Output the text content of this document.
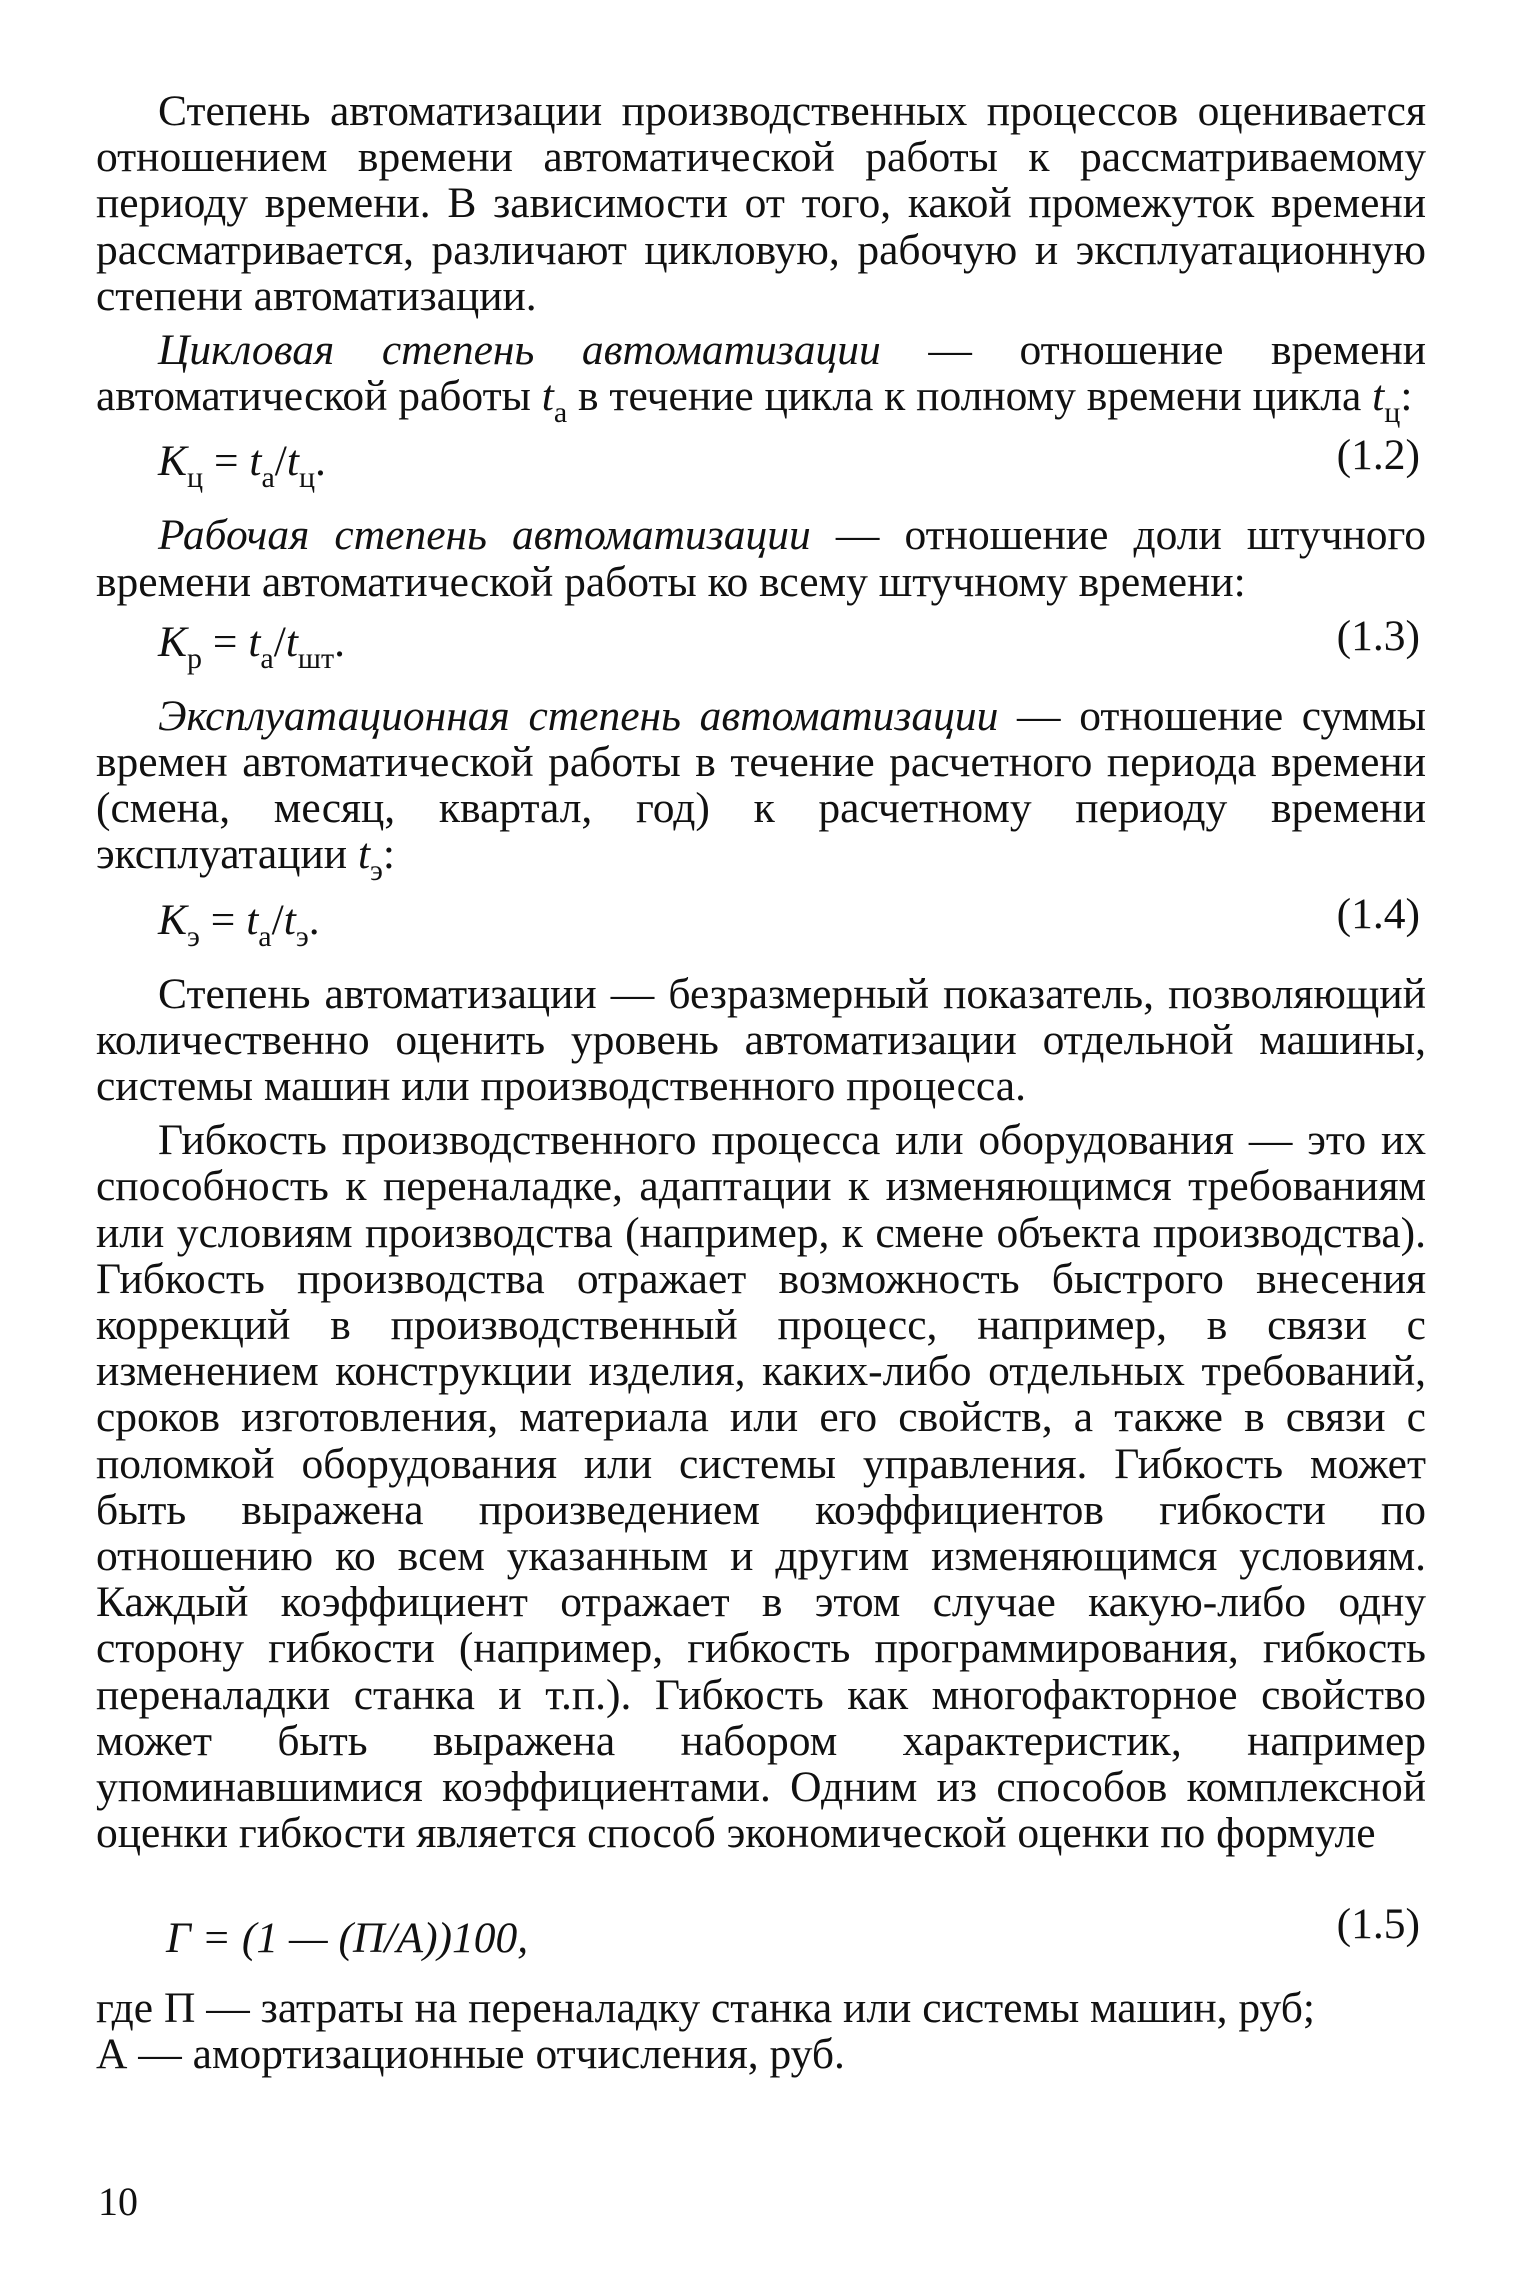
Степень автоматизации производственных процессов оценивается отношением времени автоматической работы к рассматриваемому периоду времени. В зависимости от того, какой промежуток времени рассматривается, различают цикловую, рабочую и эксплуатационную степени автоматизации.

Цикловая степень автоматизации — отношение времени автоматической работы $t_а$ в течение цикла к полному времени цикла $t_ц$:

$K_ц = t_а/t_ц$.	(1.2)

Рабочая степень автоматизации — отношение доли штучного времени автоматической работы ко всему штучному времени:

$K_р = t_а/t_{шт}$.	(1.3)

Эксплуатационная степень автоматизации — отношение суммы времен автоматической работы в течение расчетного периода времени (смена, месяц, квартал, год) к расчетному периоду времени эксплуатации $t_э$:

$K_э = t_а/t_э$.	(1.4)

Степень автоматизации — безразмерный показатель, позволяющий количественно оценить уровень автоматизации отдельной машины, системы машин или производственного процесса.

Гибкость производственного процесса или оборудования — это их способность к переналадке, адаптации к изменяющимся требованиям или условиям производства (например, к смене объекта производства). Гибкость производства отражает возможность быстрого внесения коррекций в производственный процесс, например, в связи с изменением конструкции изделия, каких-либо отдельных требований, сроков изготовления, материала или его свойств, а также в связи с поломкой оборудования или системы управления. Гибкость может быть выражена произведением коэффициентов гибкости по отношению ко всем указанным и другим изменяющимся условиям. Каждый коэффициент отражает в этом случае какую-либо одну сторону гибкости (например, гибкость программирования, гибкость переналадки станка и т.п.). Гибкость как многофакторное свойство может быть выражена набором характеристик, например упоминавшимися коэффициентами. Одним из способов комплексной оценки гибкости является способ экономической оценки по формуле

Г = (1 — (П/А))100,	(1.5)
где П — затраты на переналадку станка или системы машин, руб;
А — амортизационные отчисления, руб.
10
